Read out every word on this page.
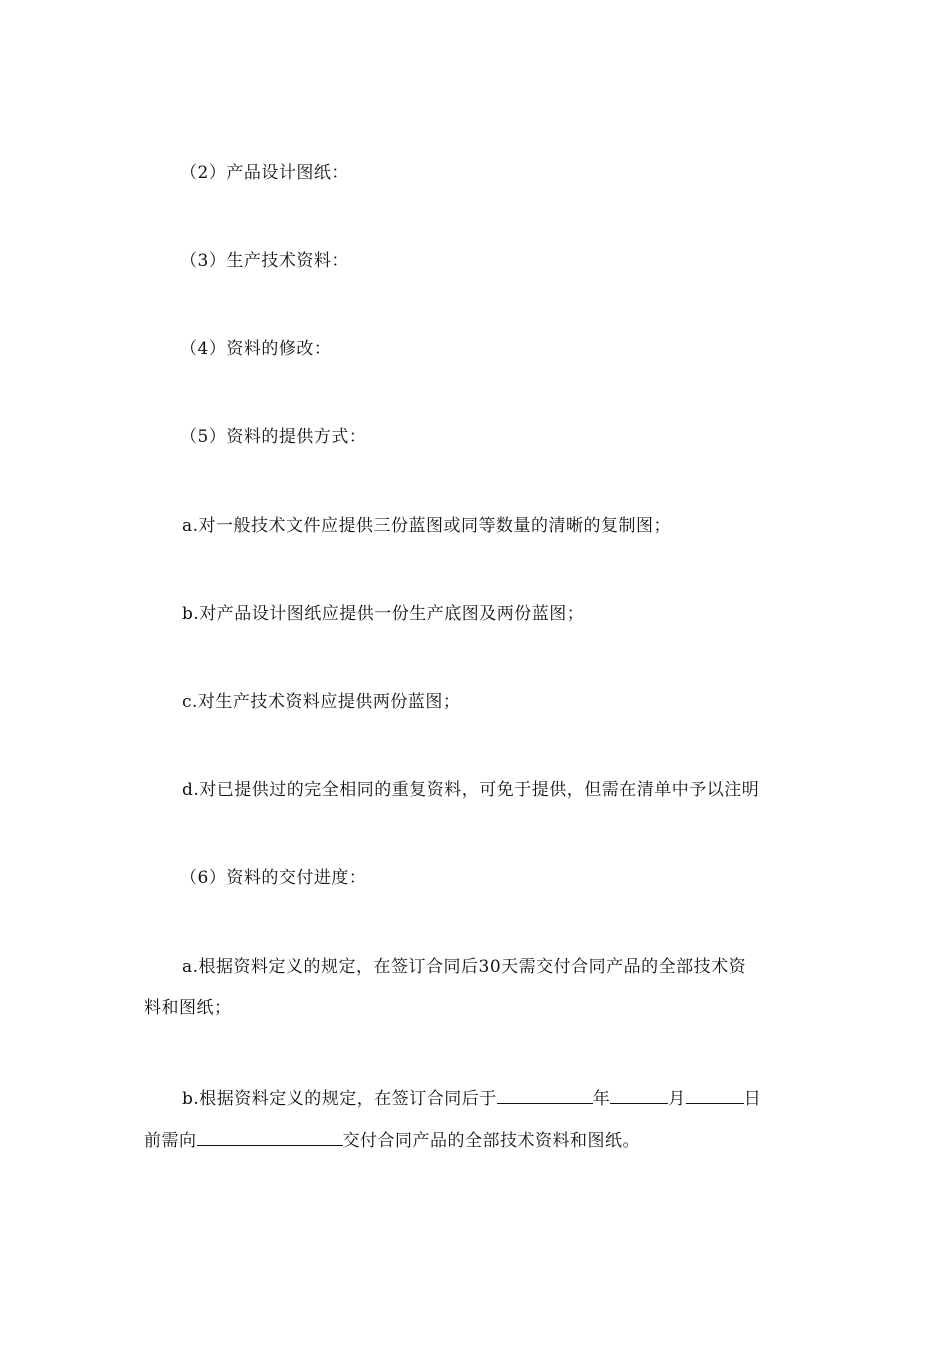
（2）产品设计图纸：
（3）生产技术资料：
（4）资料的修改：
（5）资料的提供方式：
a.对一般技术文件应提供三份蓝图或同等数量的清晰的复制图；
b.对产品设计图纸应提供一份生产底图及两份蓝图；
c.对生产技术资料应提供两份蓝图；
d.对已提供过的完全相同的重复资料，可免于提供，但需在清单中予以注明
（6）资料的交付进度：
a.根据资料定义的规定，在签订合同后30天需交付合同产品的全部技术资
料和图纸；
b.根据资料定义的规定，在签订合同后于	年	月	日
前需向	交付合同产品的全部技术资料和图纸。
